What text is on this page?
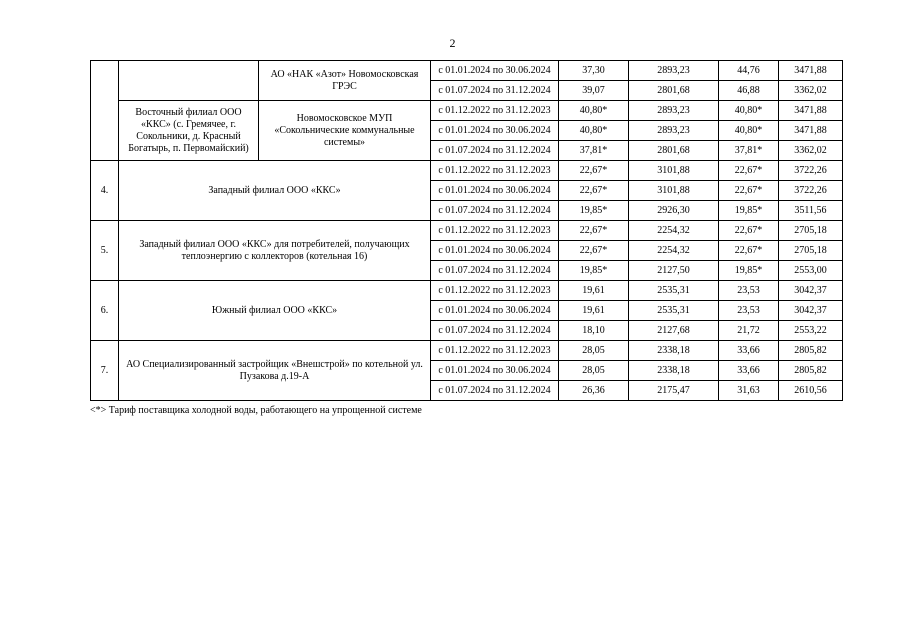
2
		АО «НАК «Азот» Новомосковская ГРЭС	с 01.01.2024 по 30.06.2024	37,30	2893,23	44,76	3471,88
			с 01.07.2024 по 31.12.2024	39,07	2801,68	46,88	3362,02
	Восточный филиал ООО «ККС» (с. Гремячее, г. Сокольники, д. Красный Богатырь, п. Первомайский)	Новомосковское МУП «Сокольнические коммунальные системы»	с 01.12.2022 по 31.12.2023	40,80*	2893,23	40,80*	3471,88
			с 01.01.2024 по 30.06.2024	40,80*	2893,23	40,80*	3471,88
			с 01.07.2024 по 31.12.2024	37,81*	2801,68	37,81*	3362,02
4.	Западный филиал ООО «ККС»		с 01.12.2022 по 31.12.2023	22,67*	3101,88	22,67*	3722,26
			с 01.01.2024 по 30.06.2024	22,67*	3101,88	22,67*	3722,26
			с 01.07.2024 по 31.12.2024	19,85*	2926,30	19,85*	3511,56
5.	Западный филиал ООО «ККС» для потребителей, получающих теплоэнергию с коллекторов (котельная 16)		с 01.12.2022 по 31.12.2023	22,67*	2254,32	22,67*	2705,18
			с 01.01.2024 по 30.06.2024	22,67*	2254,32	22,67*	2705,18
			с 01.07.2024 по 31.12.2024	19,85*	2127,50	19,85*	2553,00
6.	Южный филиал ООО «ККС»		с 01.12.2022 по 31.12.2023	19,61	2535,31	23,53	3042,37
			с 01.01.2024 по 30.06.2024	19,61	2535,31	23,53	3042,37
			с 01.07.2024 по 31.12.2024	18,10	2127,68	21,72	2553,22
7.	АО Специализированный застройщик «Внешстрой» по котельной ул. Пузакова д.19-А		с 01.12.2022 по 31.12.2023	28,05	2338,18	33,66	2805,82
			с 01.01.2024 по 30.06.2024	28,05	2338,18	33,66	2805,82
			с 01.07.2024 по 31.12.2024	26,36	2175,47	31,63	2610,56
<*> Тариф поставщика холодной воды, работающего на упрощенной системе
